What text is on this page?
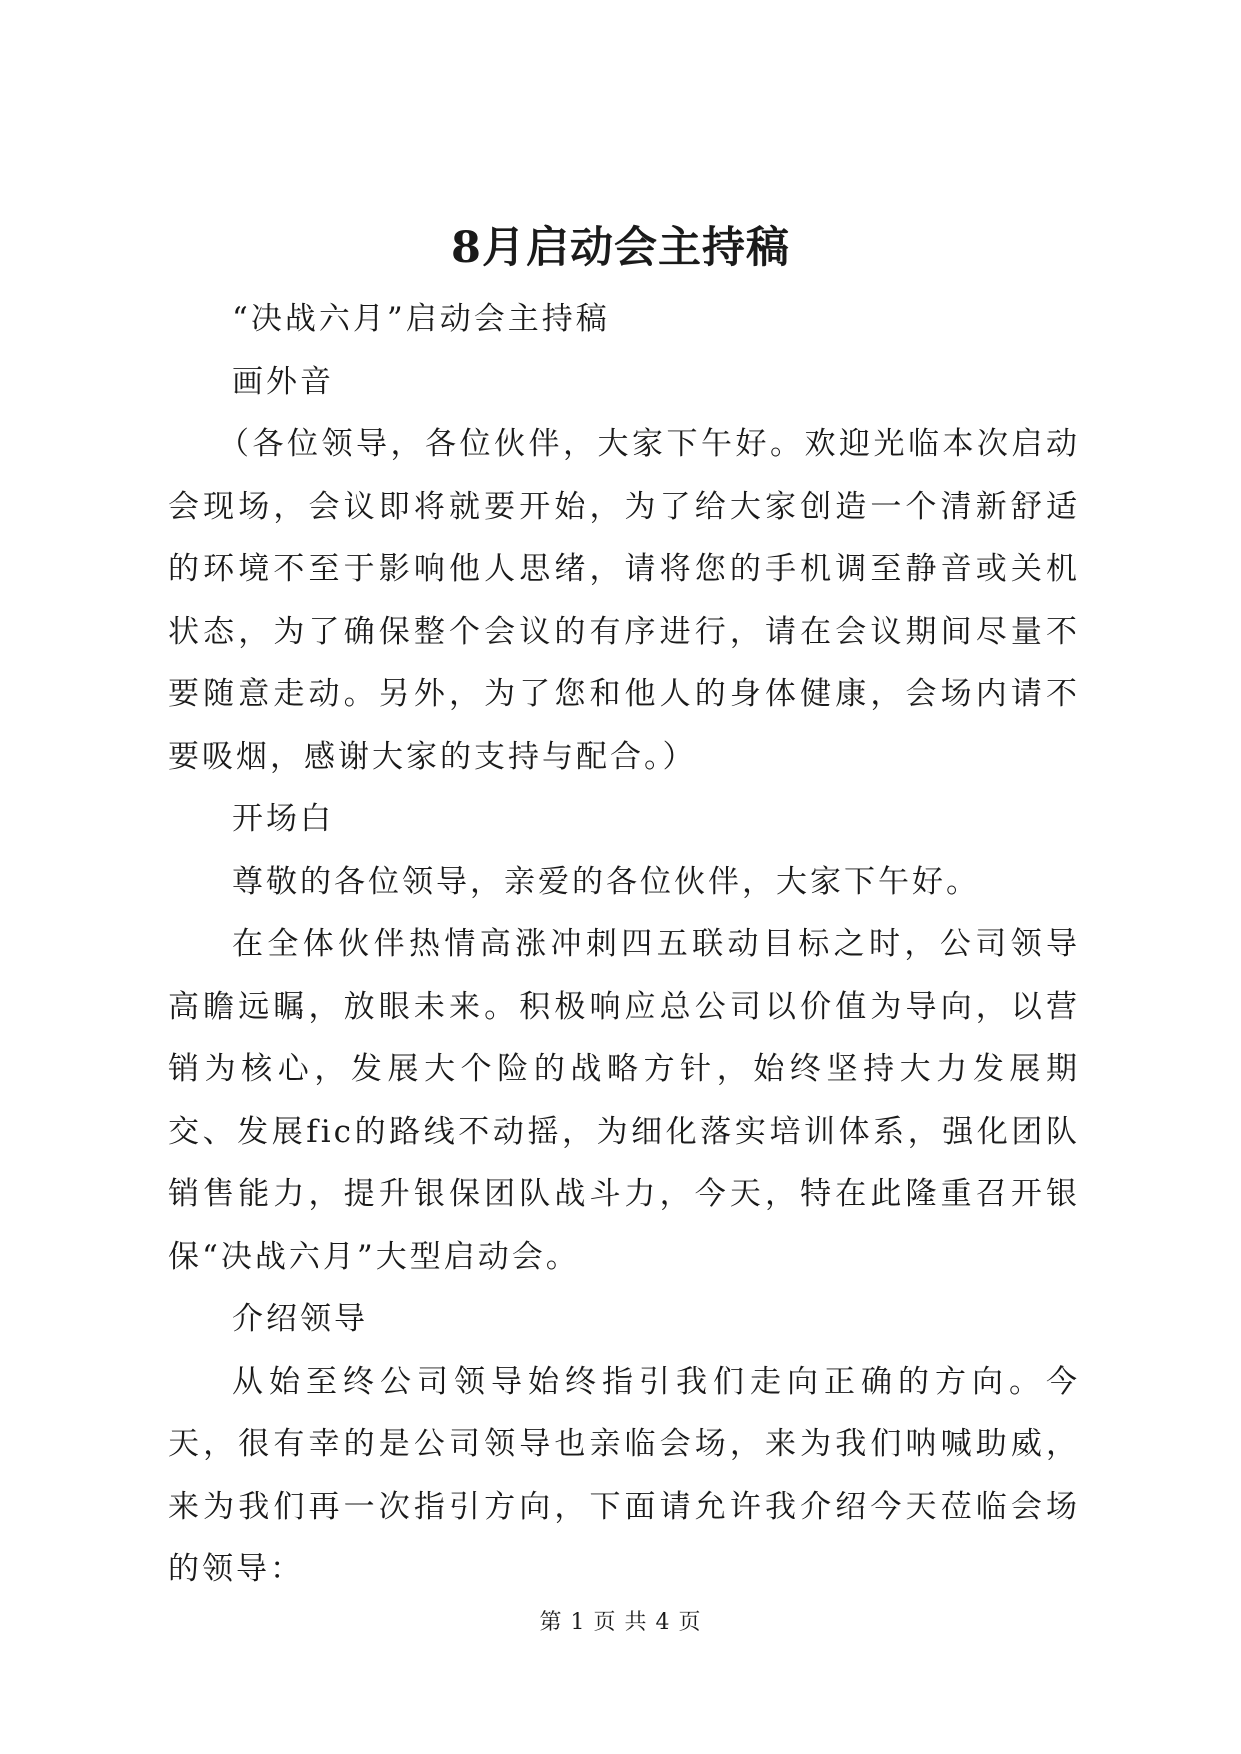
8月启动会主持稿

“决战六月”启动会主持稿

画外音

（各位领导，各位伙伴，大家下午好。欢迎光临本次启动会现场，会议即将就要开始，为了给大家创造一个清新舒适的环境不至于影响他人思绪，请将您的手机调至静音或关机状态，为了确保整个会议的有序进行，请在会议期间尽量不要随意走动。另外，为了您和他人的身体健康，会场内请不要吸烟，感谢大家的支持与配合。）

开场白

尊敬的各位领导，亲爱的各位伙伴，大家下午好。

在全体伙伴热情高涨冲刺四五联动目标之时，公司领导高瞻远瞩，放眼未来。积极响应总公司以价值为导向，以营销为核心，发展大个险的战略方针，始终坚持大力发展期交、发展fic的路线不动摇，为细化落实培训体系，强化团队销售能力，提升银保团队战斗力，今天，特在此隆重召开银保“决战六月”大型启动会。

介绍领导

从始至终公司领导始终指引我们走向正确的方向。今天，很有幸的是公司领导也亲临会场，来为我们呐喊助威，来为我们再一次指引方向，下面请允许我介绍今天莅临会场的领导：

第 1 页 共 4 页
